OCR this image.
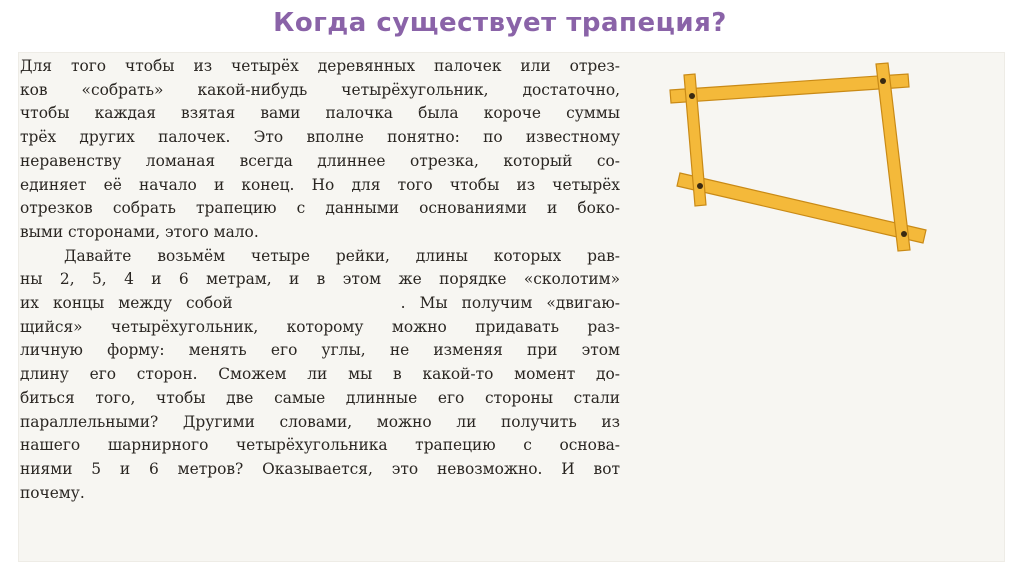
Когда существует трапеция?
Для того чтобы из четырёх деревянных палочек или отрез-
ков «собрать» какой-нибудь четырёхугольник, достаточно,
чтобы каждая взятая вами палочка была короче суммы
трёх других палочек. Это вполне понятно: по известному
неравенству ломаная всегда длиннее отрезка, который со-
единяет её начало и конец. Но для того чтобы из четырёх
отрезков собрать трапецию с данными основаниями и боко-
выми сторонами, этого мало.
Давайте возьмём четыре рейки, длины которых рав-
ны 2, 5, 4 и 6 метрам, и в этом же порядке «сколотим»
их концы между собой            . Мы получим «двигаю-
щийся» четырёхугольник, которому можно придавать раз-
личную форму: менять его углы, не изменяя при этом
длину его сторон. Сможем ли мы в какой-то момент до-
биться того, чтобы две самые длинные его стороны стали
параллельными? Другими словами, можно ли получить из
нашего шарнирного четырёхугольника трапецию с основа-
ниями 5 и 6 метров? Оказывается, это невозможно. И вот
почему.
